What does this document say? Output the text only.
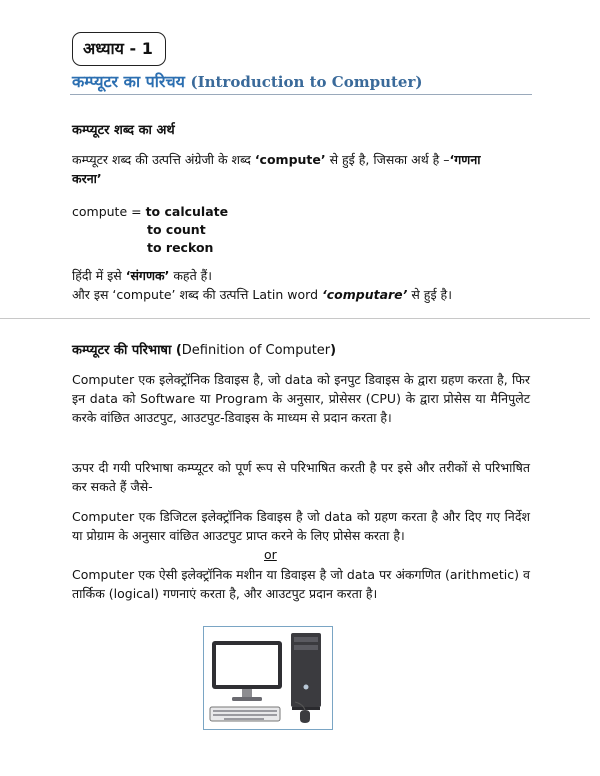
अध्याय - 1
कम्प्यूटर का परिचय (Introduction to Computer)
कम्प्यूटर शब्द का अर्थ
कम्प्यूटर शब्द की उत्पत्ति अंग्रेजी के शब्द ‘compute’ से हुई है, जिसका अर्थ है –‘गणना
करना’
compute = to calculate
to count
to reckon
हिंदी में इसे ‘संगणक’ कहते हैं।
और इस ‘compute’ शब्द की उत्पत्ति Latin word ‘computare’ से हुई है।
कम्प्यूटर की परिभाषा (Definition of Computer)
Computer एक इलेक्ट्रॉनिक डिवाइस है, जो data को इनपुट डिवाइस के द्वारा ग्रहण करता है, फिर इन data को Software या Program के अनुसार, प्रोसेसर (CPU) के द्वारा प्रोसेस या मैनिपुलेट करके वांछित आउटपुट, आउटपुट-डिवाइस के माध्यम से प्रदान करता है।
ऊपर दी गयी परिभाषा कम्प्यूटर को पूर्ण रूप से परिभाषित करती है पर इसे और तरीकों से परिभाषित कर सकते हैं जैसे-
Computer एक डिजिटल इलेक्ट्रॉनिक डिवाइस है जो data को ग्रहण करता है और दिए गए निर्देश या प्रोग्राम के अनुसार वांछित आउटपुट प्राप्त करने के लिए प्रोसेस करता है।
or
Computer एक ऐसी इलेक्ट्रॉनिक मशीन या डिवाइस है जो data पर अंकगणित (arithmetic) व तार्किक (logical) गणनाएं करता है, और आउटपुट प्रदान करता है।
